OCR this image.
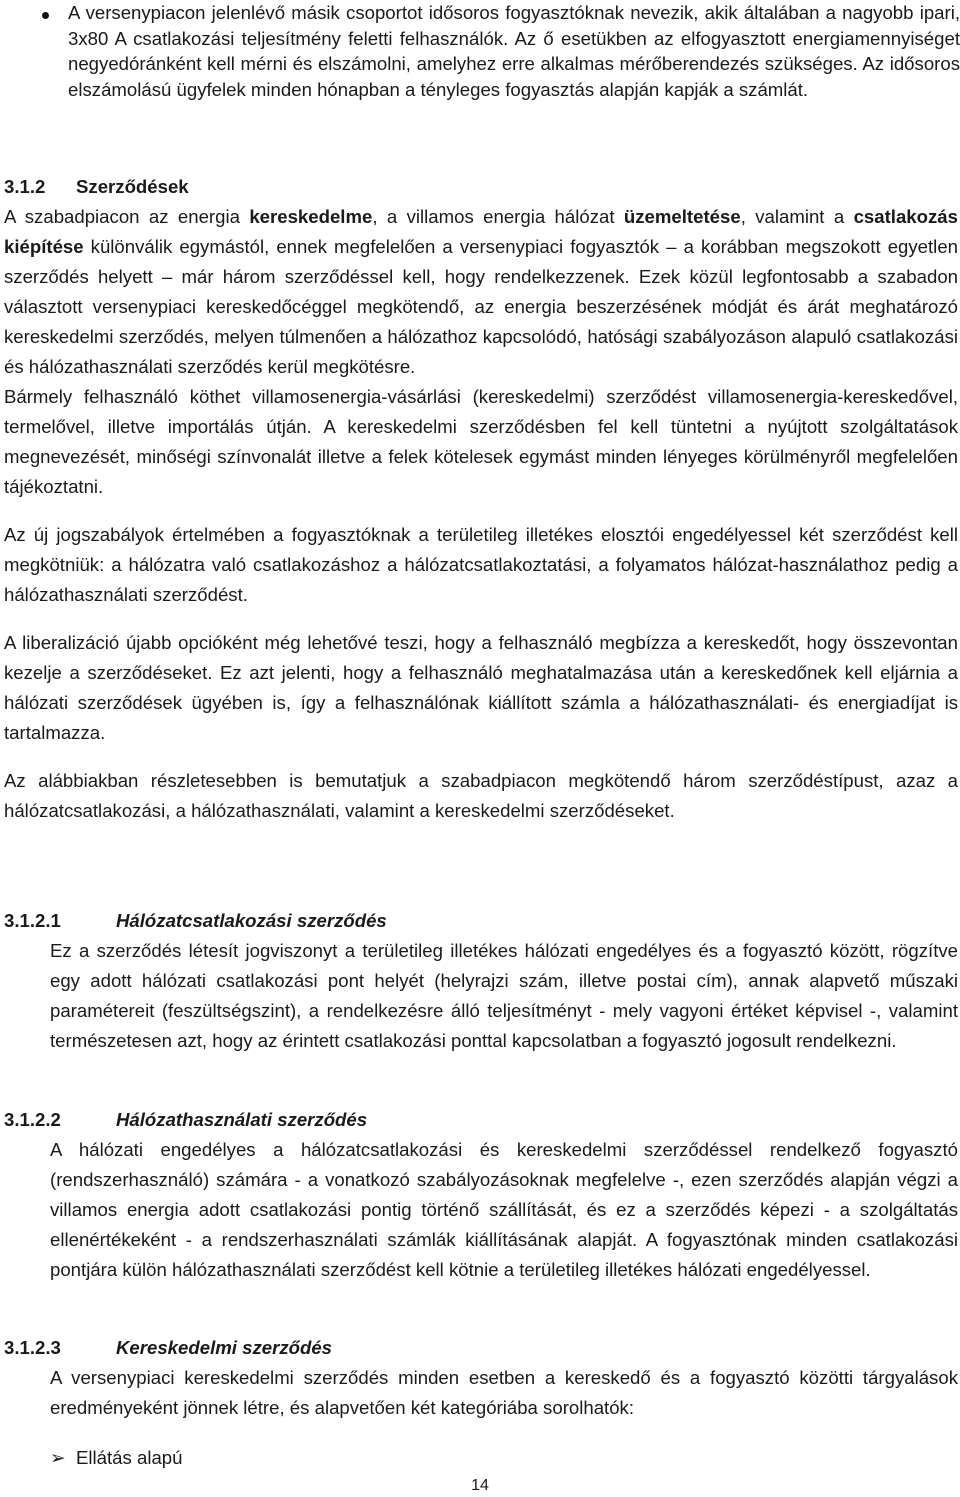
A versenypiacon jelenlévő másik csoportot idősoros fogyasztóknak nevezik, akik általában a nagyobb ipari, 3x80 A csatlakozási teljesítmény feletti felhasználók. Az ő esetükben az elfogyasztott energiamennyiséget negyedóránként kell mérni és elszámolni, amelyhez erre alkalmas mérőberendezés szükséges. Az idősoros elszámolású ügyfelek minden hónapban a tényleges fogyasztás alapján kapják a számlát.

3.1.2 Szerződések

A szabadpiacon az energia kereskedelme, a villamos energia hálózat üzemeltetése, valamint a csatlakozás kiépítése különválik egymástól, ennek megfelelően a versenypiaci fogyasztók – a korábban megszokott egyetlen szerződés helyett – már három szerződéssel kell, hogy rendelkezzenek. Ezek közül legfontosabb a szabadon választott versenypiaci kereskedőcéggel megkötendő, az energia beszerzésének módját és árát meghatározó kereskedelmi szerződés, melyen túlmenően a hálózathoz kapcsolódó, hatósági szabályozáson alapuló csatlakozási és hálózathasználati szerződés kerül megkötésre.

Bármely felhasználó köthet villamosenergia-vásárlási (kereskedelmi) szerződést villamosenergia-kereskedővel, termelővel, illetve importálás útján. A kereskedelmi szerződésben fel kell tüntetni a nyújtott szolgáltatások megnevezését, minőségi színvonalát illetve a felek kötelesek egymást minden lényeges körülményről megfelelően tájékoztatni.

Az új jogszabályok értelmében a fogyasztóknak a területileg illetékes elosztói engedélyessel két szerződést kell megkötniük: a hálózatra való csatlakozáshoz a hálózatcsatlakoztatási, a folyamatos hálózat-használathoz pedig a hálózathasználati szerződést.

A liberalizáció újabb opcióként még lehetővé teszi, hogy a felhasználó megbízza a kereskedőt, hogy összevontan kezelje a szerződéseket. Ez azt jelenti, hogy a felhasználó meghatalmazása után a kereskedőnek kell eljárnia a hálózati szerződések ügyében is, így a felhasználónak kiállított számla a hálózathasználati- és energiadíjat is tartalmazza.

Az alábbiakban részletesebben is bemutatjuk a szabadpiacon megkötendő három szerződéstípust, azaz a hálózatcsatlakozási, a hálózathasználati, valamint a kereskedelmi szerződéseket.

3.1.2.1	Hálózatcsatlakozási szerződés

Ez a szerződés létesít jogviszonyt a területileg illetékes hálózati engedélyes és a fogyasztó között, rögzítve egy adott hálózati csatlakozási pont helyét (helyrajzi szám, illetve postai cím), annak alapvető műszaki paramétereit (feszültségszint), a rendelkezésre álló teljesítményt - mely vagyoni értéket képvisel -, valamint természetesen azt, hogy az érintett csatlakozási ponttal kapcsolatban a fogyasztó jogosult rendelkezni.

3.1.2.2	Hálózathasználati szerződés

A hálózati engedélyes a hálózatcsatlakozási és kereskedelmi szerződéssel rendelkező fogyasztó (rendszerhasználó) számára - a vonatkozó szabályozásoknak megfelelve -, ezen szerződés alapján végzi a villamos energia adott csatlakozási pontig történő szállítását, és ez a szerződés képezi - a szolgáltatás ellenértékeként - a rendszerhasználati számlák kiállításának alapját. A fogyasztónak minden csatlakozási pontjára külön hálózathasználati szerződést kell kötnie a területileg illetékes hálózati engedélyessel.

3.1.2.3	Kereskedelmi szerződés

A versenypiaci kereskedelmi szerződés minden esetben a kereskedő és a fogyasztó közötti tárgyalások eredményeként jönnek létre, és alapvetően két kategóriába sorolhatók:

➢ Ellátás alapú
14
